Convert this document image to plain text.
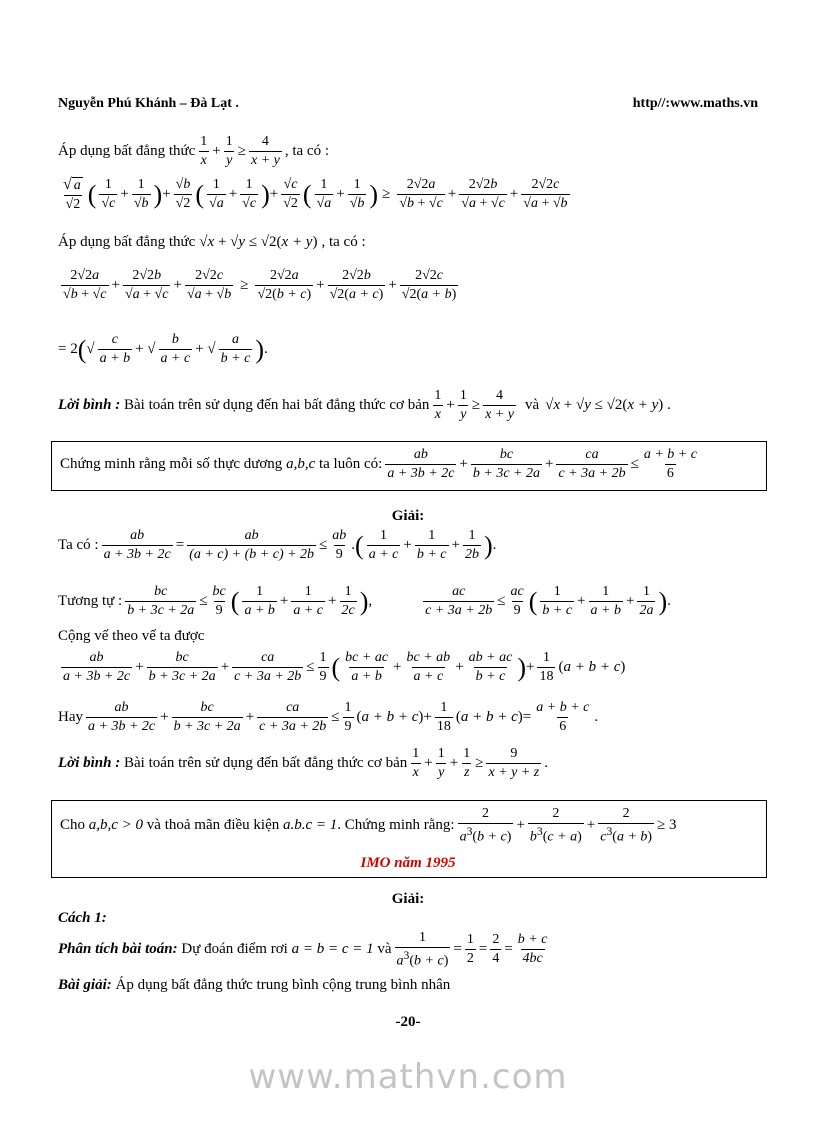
Nguyễn Phú Khánh – Đà Lạt .	http//:www.maths.vn
Áp dụng bất đẳng thức $\frac{1}{x} + \frac{1}{y} \ge \frac{4}{x + y}$ , ta có :
$\frac{√ a}{√2}$ ( $\frac{1}{√c} + \frac{1}{√b}$ ) + $\frac{√b}{√2}$ ( $\frac{1}{√a} + \frac{1}{√c}$ ) + $\frac{√c}{√2}$ ( $\frac{1}{√a} + \frac{1}{√b}$ ) ≥ $\frac{2√2a}{√b + √c} + \frac{2√2b}{√a + √c} + \frac{2√2c}{√a + √b}$
Áp dụng bất đẳng thức √x + √y ≤ √2(x + y) , ta có :
$\frac{2√2a}{√b + √c} + \frac{2√2b}{√a + √c} + \frac{2√2c}{√a + √b} \ge \frac{2√2a}{√2(b + c)} + \frac{2√2b}{√2(a + c)} + \frac{2√2c}{√2(a + b)}$
= 2 ( √ $\frac{c}{a + b}$ + √ $\frac{b}{a + c}$ + √ $\frac{a}{b + c}$ ) .
Lời bình :
Bài toán trên sử dụng đến hai bất đẳng thức cơ bản $\frac{1}{x} + \frac{1}{y} \ge \frac{4}{x + y}$ và √x + √y ≤ √2(x + y) .
Chứng minh rằng mỗi số thực dương
a,b,c
ta luôn có: $\frac{ab}{a + 3b + 2c} + \frac{bc}{b + 3c + 2a} + \frac{ca}{c + 3a + 2b} \le \frac{a + b + c}{6}$
Giải:
Ta có : $\frac{ab}{a + 3b + 2c} = \frac{ab}{(a + c) + (b + c) + 2b} \le \frac{ab}{9}$ . ( $\frac{1}{a + c} + \frac{1}{b + c} + \frac{1}{2b}$ ) .
Tương tự : $\frac{bc}{b + 3c + 2a} \le \frac{bc}{9}$ ( $\frac{1}{a + b} + \frac{1}{a + c} + \frac{1}{2c}$ ) ,	$\frac{ac}{c + 3a + 2b} \le \frac{ac}{9}$ ( $\frac{1}{b + c} + \frac{1}{a + b} + \frac{1}{2a}$ ) .
Cộng vế theo vế ta được
$\frac{ab}{a + 3b + 2c} + \frac{bc}{b + 3c + 2a} + \frac{ca}{c + 3a + 2b} \le \frac{1}{9}$ ( $\frac{bc + ac}{a + b} + \frac{bc + ab}{a + c} + \frac{ab + ac}{b + c}$ ) + $\frac{1}{18}$ ( a + b + c )
Hay $\frac{ab}{a + 3b + 2c} + \frac{bc}{b + 3c + 2a} + \frac{ca}{c + 3a + 2b} \le \frac{1}{9}$ ( a + b + c )+ $\frac{1}{18}$ ( a + b + c )= $\frac{a + b + c}{6}$ .
Lời bình :
Bài toán trên sử dụng đến bất đẳng thức cơ bản $\frac{1}{x} + \frac{1}{y} + \frac{1}{z} \ge \frac{9}{x + y + z}$ .
Cho
a,b,c > 0
và thoả mãn điều kiện
a.b.c = 1 . Chứng minh rằng: $\frac{2}{a^3(b + c)} + \frac{2}{b^3(c + a)} + \frac{2}{c^3(a + b)} \ge 3$
IMO năm 1995
Giải:
Cách 1:
Phân tích bài toán:
Dự đoán điểm rơi
a = b = c = 1
và $\frac{1}{a^3(b + c)} = \frac{1}{2} = \frac{2}{4} = \frac{b + c}{4bc}$
Bài giải:
Áp dụng bất đẳng thức trung bình cộng trung bình nhân
-20-
www.mathvn.com
